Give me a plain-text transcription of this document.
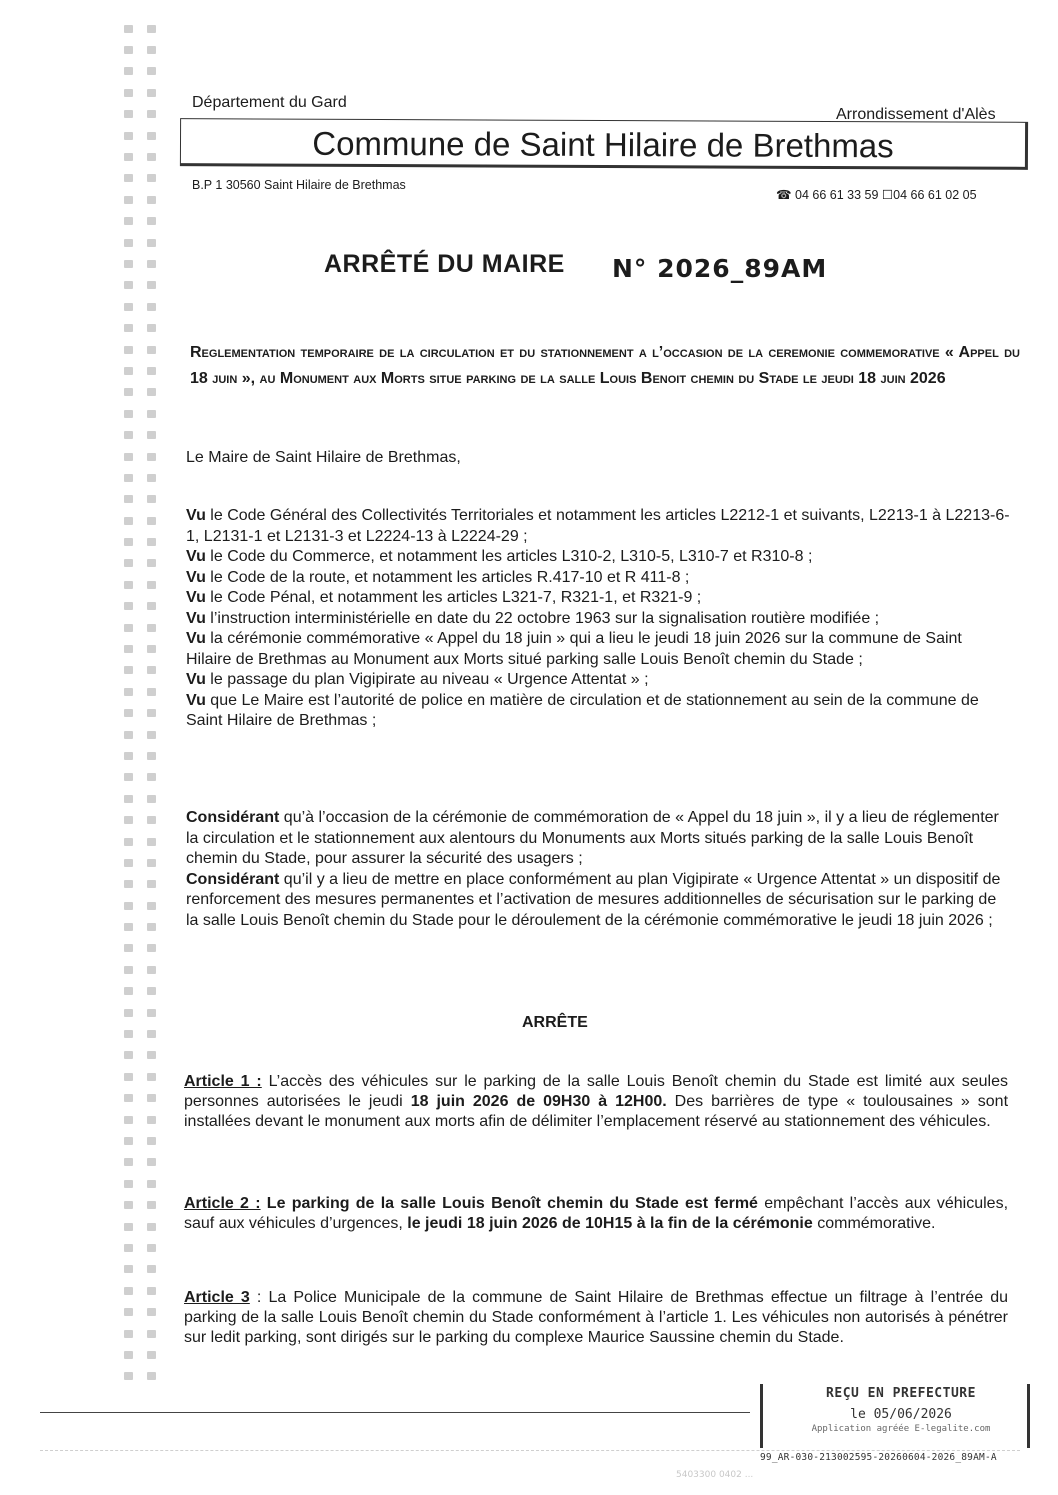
Département du Gard
Arrondissement d'Alès
Commune de Saint Hilaire de Brethmas
B.P 1 30560 Saint Hilaire de Brethmas
☎ 04 66 61 33 59 ☐04 66 61 02 05
ARRÊTÉ DU MAIRE N° 2026_89AM
Reglementation temporaire de la circulation et du stationnement a l’occasion de la ceremonie commemorative « Appel du 18 juin », au Monument aux Morts situe parking de la salle Louis Benoit chemin du Stade le jeudi 18 juin 2026
Le Maire de Saint Hilaire de Brethmas,

Vu le Code Général des Collectivités Territoriales et notamment les articles L2212-1 et suivants, L2213-1 à L2213-6-1, L2131-1 et L2131-3 et L2224-13 à L2224-29 ;

Vu le Code du Commerce, et notamment les articles L310-2, L310-5, L310-7 et R310-8 ;

Vu le Code de la route, et notamment les articles R.417-10 et R 411-8 ;

Vu le Code Pénal, et notamment les articles L321-7, R321-1, et R321-9 ;

Vu l’instruction interministérielle en date du 22 octobre 1963 sur la signalisation routière modifiée ;

Vu la cérémonie commémorative « Appel du 18 juin » qui a lieu le jeudi 18 juin 2026 sur la commune de Saint Hilaire de Brethmas au Monument aux Morts situé parking salle Louis Benoît chemin du Stade ;

Vu le passage du plan Vigipirate au niveau « Urgence Attentat » ;

Vu que Le Maire est l’autorité de police en matière de circulation et de stationnement au sein de la commune de Saint Hilaire de Brethmas ;

Considérant qu’à l’occasion de la cérémonie de commémoration de « Appel du 18 juin », il y a lieu de réglementer la circulation et le stationnement aux alentours du Monuments aux Morts situés parking de la salle Louis Benoît chemin du Stade, pour assurer la sécurité des usagers ;

Considérant qu’il y a lieu de mettre en place conformément au plan Vigipirate « Urgence Attentat » un dispositif de renforcement des mesures permanentes et l’activation de mesures additionnelles de sécurisation sur le parking de la salle Louis Benoît chemin du Stade pour le déroulement de la cérémonie commémorative le jeudi 18 juin 2026 ;

ARRÊTE
Article 1 : L’accès des véhicules sur le parking de la salle Louis Benoît chemin du Stade est limité aux seules personnes autorisées le jeudi 18 juin 2026 de 09H30 à 12H00. Des barrières de type « toulousaines » sont installées devant le monument aux morts afin de délimiter l’emplacement réservé au stationnement des véhicules.
Article 2 : Le parking de la salle Louis Benoît chemin du Stade est fermé empêchant l’accès aux véhicules, sauf aux véhicules d’urgences, le jeudi 18 juin 2026 de 10H15 à la fin de la cérémonie commémorative.
Article 3 : La Police Municipale de la commune de Saint Hilaire de Brethmas effectue un filtrage à l’entrée du parking de la salle Louis Benoît chemin du Stade conformément à l’article 1. Les véhicules non autorisés à pénétrer sur ledit parking, sont dirigés sur le parking du complexe Maurice Saussine chemin du Stade.
REÇU EN PREFECTURE
le 05/06/2026
Application agréée E-legalite.com
99_AR-030-213002595-20260604-2026_89AM-A
5403300 0402 ...
